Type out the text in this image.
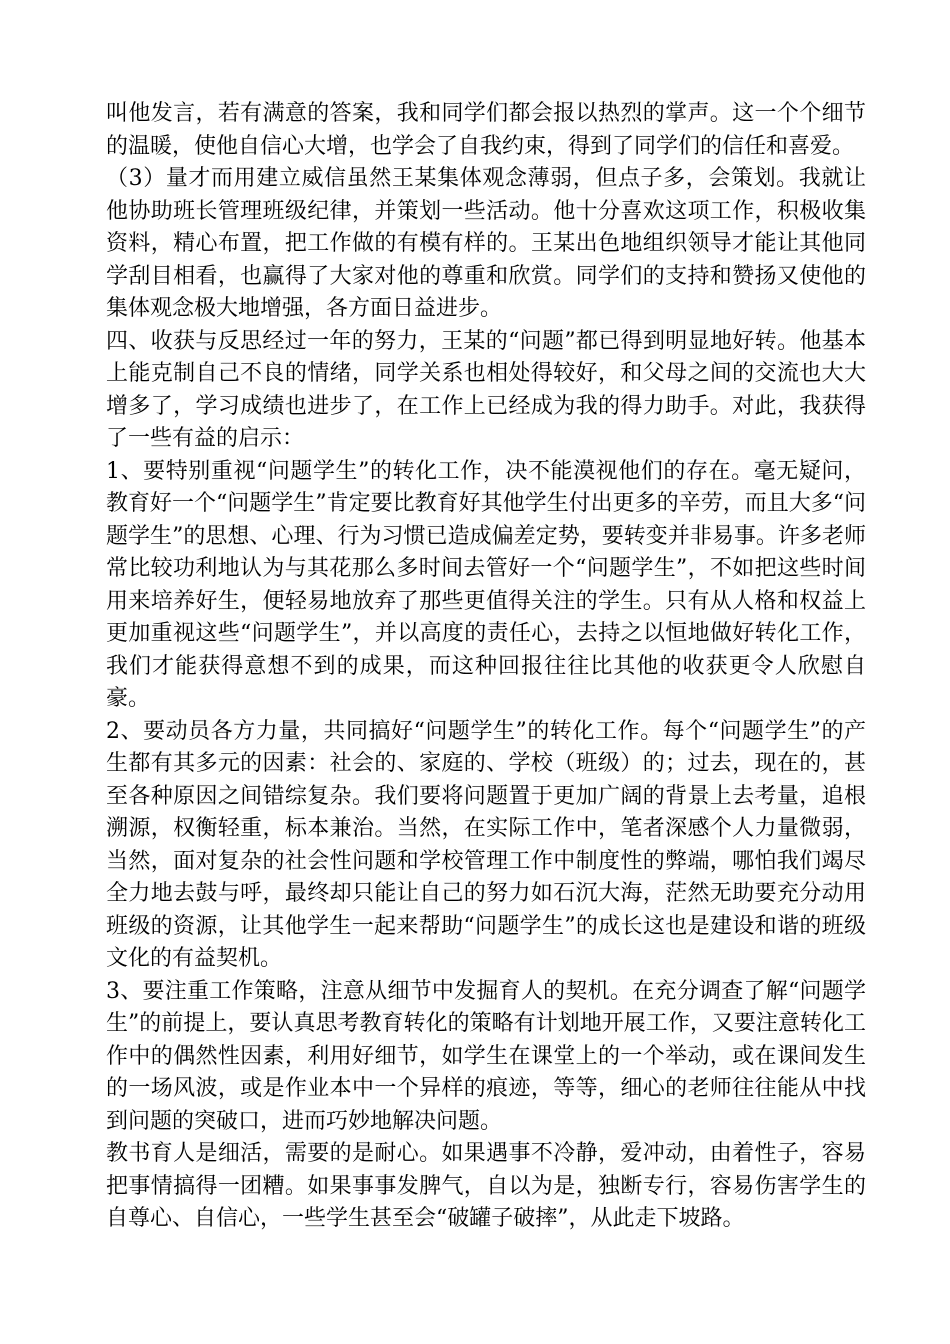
叫他发言，若有满意的答案，我和同学们都会报以热烈的掌声。这一个个细节的温暖，使他自信心大增，也学会了自我约束，得到了同学们的信任和喜爱。

（3）量才而用建立威信虽然王某集体观念薄弱，但点子多，会策划。我就让他协助班长管理班级纪律，并策划一些活动。他十分喜欢这项工作，积极收集资料，精心布置，把工作做的有模有样的。王某出色地组织领导才能让其他同学刮目相看，也赢得了大家对他的尊重和欣赏。同学们的支持和赞扬又使他的集体观念极大地增强，各方面日益进步。

四、收获与反思经过一年的努力，王某的“问题”都已得到明显地好转。他基本上能克制自己不良的情绪，同学关系也相处得较好，和父母之间的交流也大大增多了，学习成绩也进步了，在工作上已经成为我的得力助手。对此，我获得了一些有益的启示：

1、要特别重视“问题学生”的转化工作，决不能漠视他们的存在。毫无疑问，教育好一个“问题学生”肯定要比教育好其他学生付出更多的辛劳，而且大多“问题学生”的思想、心理、行为习惯已造成偏差定势，要转变并非易事。许多老师常比较功利地认为与其花那么多时间去管好一个“问题学生”，不如把这些时间用来培养好生，便轻易地放弃了那些更值得关注的学生。只有从人格和权益上更加重视这些“问题学生”，并以高度的责任心，去持之以恒地做好转化工作，我们才能获得意想不到的成果，而这种回报往往比其他的收获更令人欣慰自豪。

2、要动员各方力量，共同搞好“问题学生”的转化工作。每个“问题学生”的产生都有其多元的因素：社会的、家庭的、学校（班级）的；过去，现在的，甚至各种原因之间错综复杂。我们要将问题置于更加广阔的背景上去考量，追根溯源，权衡轻重，标本兼治。当然，在实际工作中，笔者深感个人力量微弱，当然，面对复杂的社会性问题和学校管理工作中制度性的弊端，哪怕我们竭尽全力地去鼓与呼，最终却只能让自己的努力如石沉大海，茫然无助要充分动用班级的资源，让其他学生一起来帮助“问题学生”的成长这也是建设和谐的班级文化的有益契机。

3、要注重工作策略，注意从细节中发掘育人的契机。在充分调查了解“问题学生”的前提上，要认真思考教育转化的策略有计划地开展工作，又要注意转化工作中的偶然性因素，利用好细节，如学生在课堂上的一个举动，或在课间发生的一场风波，或是作业本中一个异样的痕迹，等等，细心的老师往往能从中找到问题的突破口，进而巧妙地解决问题。

教书育人是细活，需要的是耐心。如果遇事不冷静，爱冲动，由着性子，容易把事情搞得一团糟。如果事事发脾气，自以为是，独断专行，容易伤害学生的自尊心、自信心，一些学生甚至会“破罐子破摔”，从此走下坡路。
